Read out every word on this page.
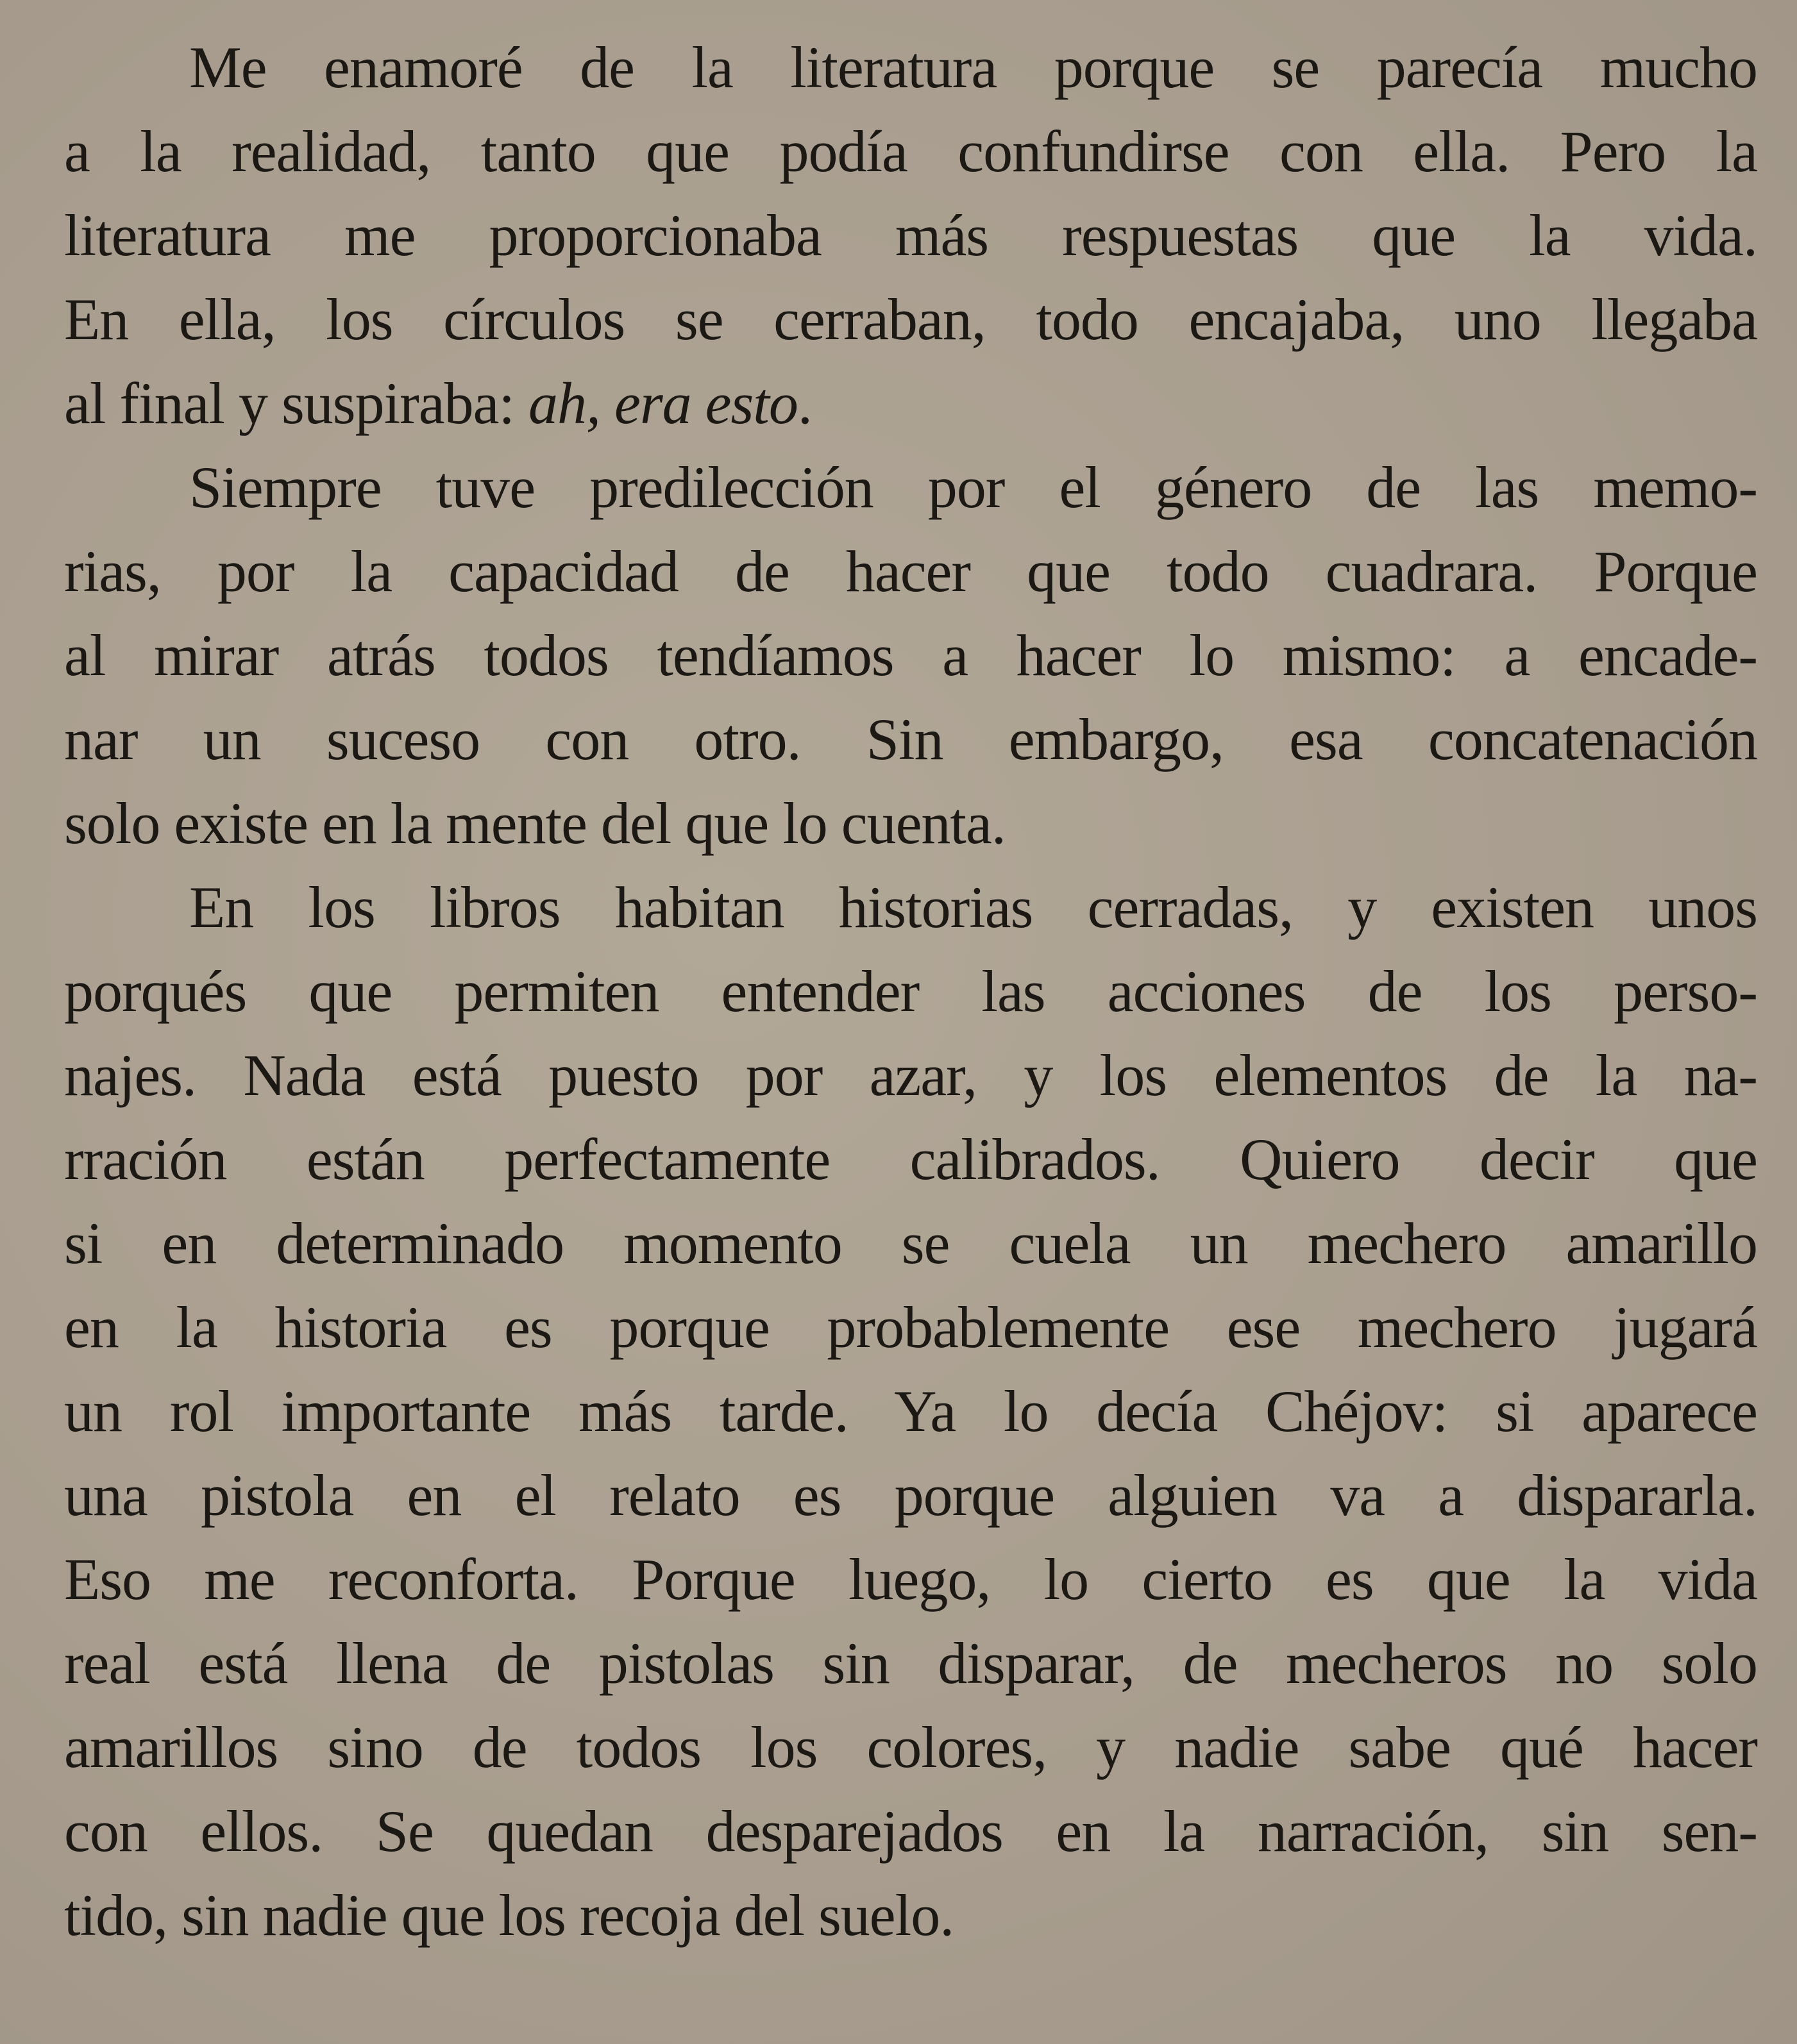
Me enamoré de la literatura porque se parecía mucho
a la realidad, tanto que podía confundirse con ella. Pero la
literatura me proporcionaba más respuestas que la vida.
En ella, los círculos se cerraban, todo encajaba, uno llegaba
al final y suspiraba: ah, era esto.
Siempre tuve predilección por el género de las memo-
rias, por la capacidad de hacer que todo cuadrara. Porque
al mirar atrás todos tendíamos a hacer lo mismo: a encade-
nar un suceso con otro. Sin embargo, esa concatenación
solo existe en la mente del que lo cuenta.
En los libros habitan historias cerradas, y existen unos
porqués que permiten entender las acciones de los perso-
najes. Nada está puesto por azar, y los elementos de la na-
rración están perfectamente calibrados. Quiero decir que
si en determinado momento se cuela un mechero amarillo
en la historia es porque probablemente ese mechero jugará
un rol importante más tarde. Ya lo decía Chéjov: si aparece
una pistola en el relato es porque alguien va a dispararla.
Eso me reconforta. Porque luego, lo cierto es que la vida
real está llena de pistolas sin disparar, de mecheros no solo
amarillos sino de todos los colores, y nadie sabe qué hacer
con ellos. Se quedan desparejados en la narración, sin sen-
tido, sin nadie que los recoja del suelo.
